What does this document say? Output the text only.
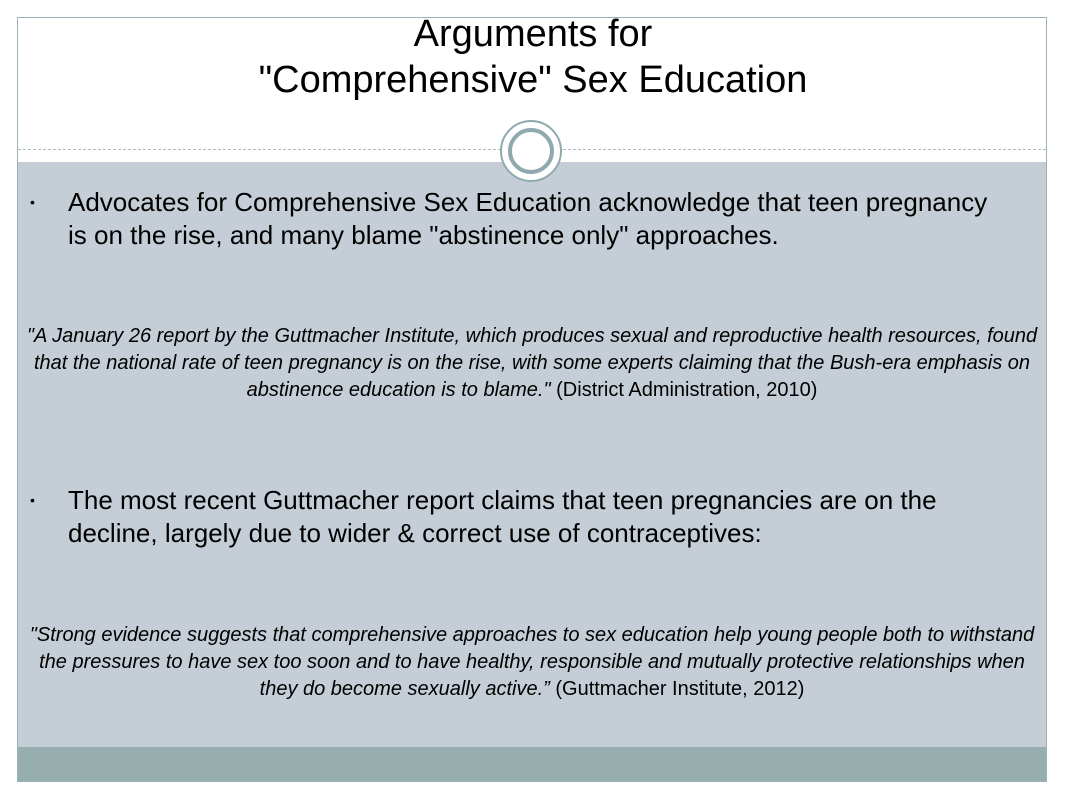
Arguments for
"Comprehensive" Sex Education
• Advocates for Comprehensive Sex Education acknowledge that teen pregnancy is on the rise, and many blame "abstinence only" approaches.
"A January 26 report by the Guttmacher Institute, which produces sexual and reproductive health resources, found that the national rate of teen pregnancy is on the rise, with some experts claiming that the Bush-era emphasis on abstinence education is to blame." (District Administration, 2010)
• The most recent Guttmacher report claims that teen pregnancies are on the decline, largely due to wider & correct use of contraceptives:
"Strong evidence suggests that comprehensive approaches to sex education help young people both to withstand the pressures to have sex too soon and to have healthy, responsible and mutually protective relationships when they do become sexually active.” (Guttmacher Institute, 2012)
